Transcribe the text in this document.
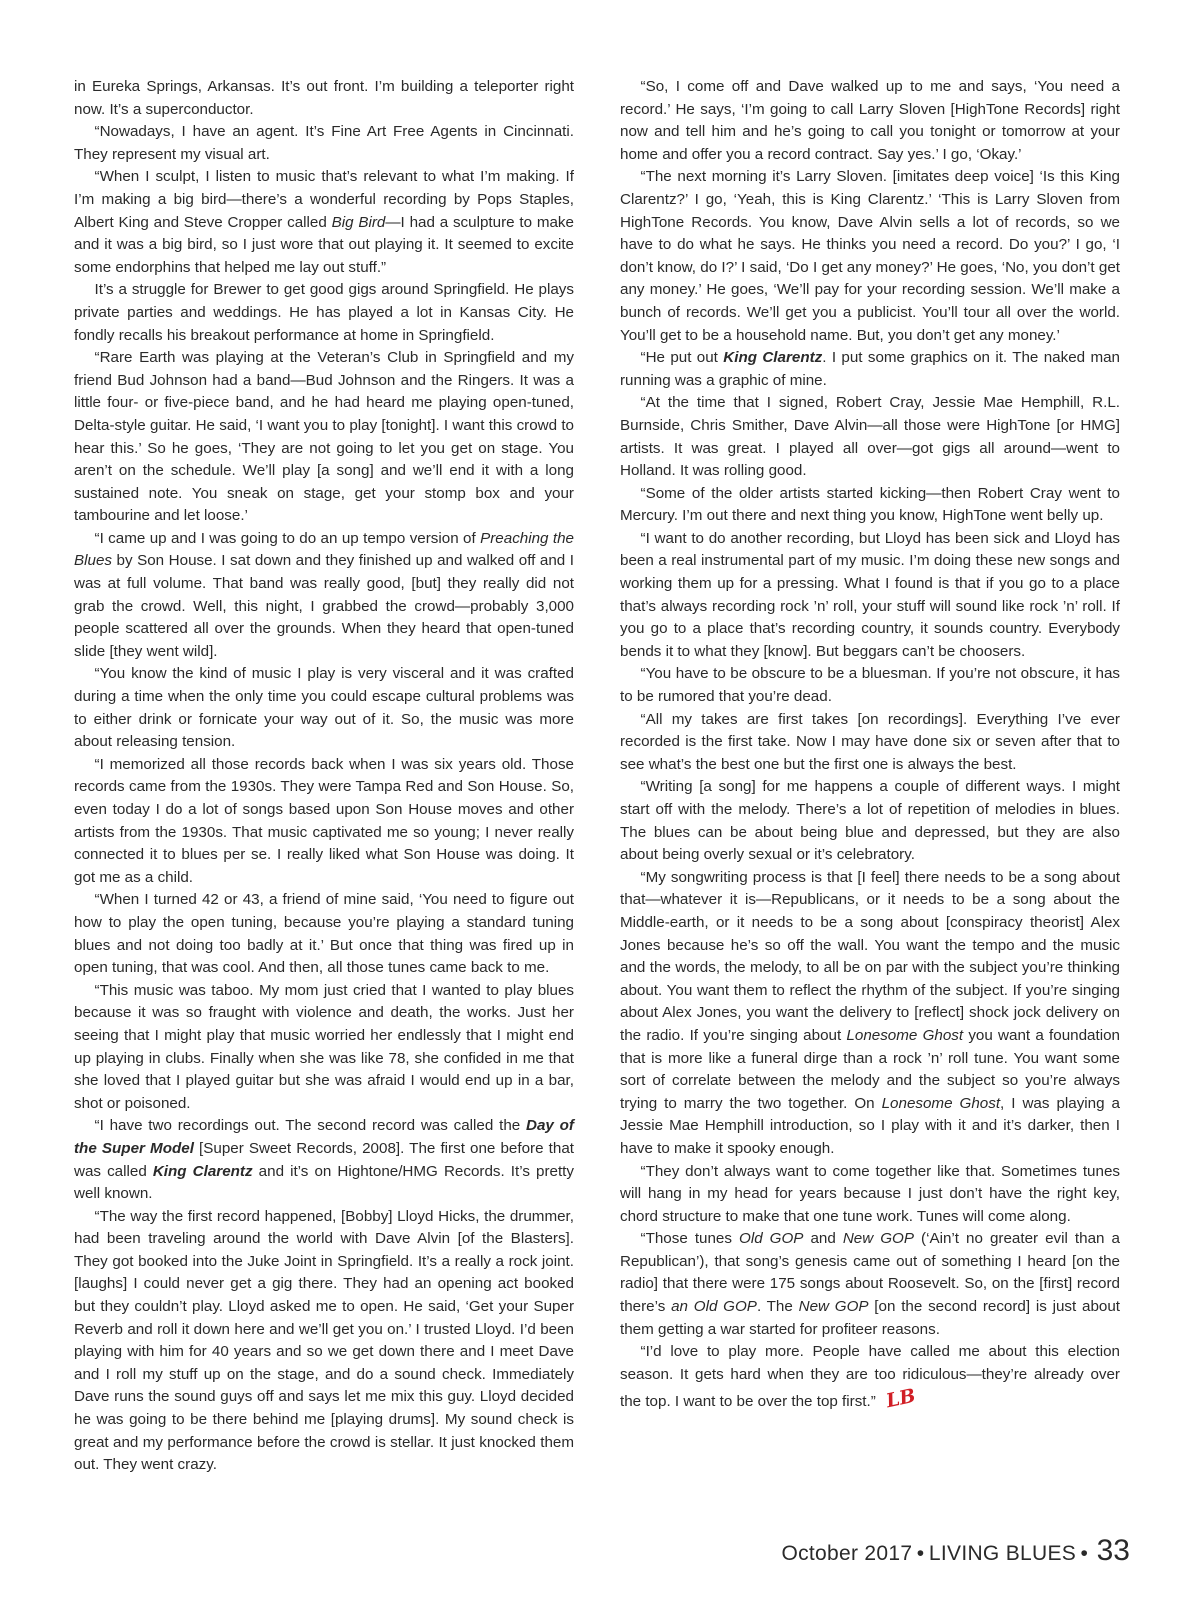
in Eureka Springs, Arkansas. It’s out front. I’m building a teleporter right now. It’s a superconductor.

“Nowadays, I have an agent. It’s Fine Art Free Agents in Cincinnati. They represent my visual art.

“When I sculpt, I listen to music that’s relevant to what I’m making. If I’m making a big bird—there’s a wonderful recording by Pops Staples, Albert King and Steve Cropper called Big Bird—I had a sculpture to make and it was a big bird, so I just wore that out playing it. It seemed to excite some endorphins that helped me lay out stuff.”

It’s a struggle for Brewer to get good gigs around Springfield. He plays private parties and weddings. He has played a lot in Kansas City. He fondly recalls his breakout performance at home in Springfield.

“Rare Earth was playing at the Veteran’s Club in Springfield and my friend Bud Johnson had a band—Bud Johnson and the Ringers. It was a little four- or five-piece band, and he had heard me playing open-tuned, Delta-style guitar. He said, ‘I want you to play [tonight]. I want this crowd to hear this.’ So he goes, ‘They are not going to let you get on stage. You aren’t on the schedule. We’ll play [a song] and we’ll end it with a long sustained note. You sneak on stage, get your stomp box and your tambourine and let loose.’

“I came up and I was going to do an up tempo version of Preaching the Blues by Son House. I sat down and they finished up and walked off and I was at full volume. That band was really good, [but] they really did not grab the crowd. Well, this night, I grabbed the crowd—probably 3,000 people scattered all over the grounds. When they heard that open-tuned slide [they went wild].

“You know the kind of music I play is very visceral and it was crafted during a time when the only time you could escape cultural problems was to either drink or fornicate your way out of it. So, the music was more about releasing tension.

“I memorized all those records back when I was six years old. Those records came from the 1930s. They were Tampa Red and Son House. So, even today I do a lot of songs based upon Son House moves and other artists from the 1930s. That music captivated me so young; I never really connected it to blues per se. I really liked what Son House was doing. It got me as a child.

“When I turned 42 or 43, a friend of mine said, ‘You need to figure out how to play the open tuning, because you’re playing a standard tuning blues and not doing too badly at it.’ But once that thing was fired up in open tuning, that was cool. And then, all those tunes came back to me.

“This music was taboo. My mom just cried that I wanted to play blues because it was so fraught with violence and death, the works. Just her seeing that I might play that music worried her endlessly that I might end up playing in clubs. Finally when she was like 78, she confided in me that she loved that I played guitar but she was afraid I would end up in a bar, shot or poisoned.

“I have two recordings out. The second record was called the Day of the Super Model [Super Sweet Records, 2008]. The first one before that was called King Clarentz and it’s on Hightone/HMG Records. It’s pretty well known.

“The way the first record happened, [Bobby] Lloyd Hicks, the drummer, had been traveling around the world with Dave Alvin [of the Blasters]. They got booked into the Juke Joint in Springfield. It’s a really a rock joint. [laughs] I could never get a gig there. They had an opening act booked but they couldn’t play. Lloyd asked me to open. He said, ‘Get your Super Reverb and roll it down here and we’ll get you on.’ I trusted Lloyd. I’d been playing with him for 40 years and so we get down there and I meet Dave and I roll my stuff up on the stage, and do a sound check. Immediately Dave runs the sound guys off and says let me mix this guy. Lloyd decided he was going to be there behind me [playing drums]. My sound check is great and my performance before the crowd is stellar. It just knocked them out. They went crazy.

“So, I come off and Dave walked up to me and says, ‘You need a record.’ He says, ‘I’m going to call Larry Sloven [HighTone Records] right now and tell him and he’s going to call you tonight or tomorrow at your home and offer you a record contract. Say yes.’ I go, ‘Okay.’

“The next morning it’s Larry Sloven. [imitates deep voice] ‘Is this King Clarentz?’ I go, ‘Yeah, this is King Clarentz.’ ‘This is Larry Sloven from HighTone Records. You know, Dave Alvin sells a lot of records, so we have to do what he says. He thinks you need a record. Do you?’ I go, ‘I don’t know, do I?’ I said, ‘Do I get any money?’ He goes, ‘No, you don’t get any money.’ He goes, ‘We’ll pay for your recording session. We’ll make a bunch of records. We’ll get you a publicist. You’ll tour all over the world. You’ll get to be a household name. But, you don’t get any money.’

“He put out King Clarentz. I put some graphics on it. The naked man running was a graphic of mine.

“At the time that I signed, Robert Cray, Jessie Mae Hemphill, R.L. Burnside, Chris Smither, Dave Alvin—all those were HighTone [or HMG] artists. It was great. I played all over—got gigs all around—went to Holland. It was rolling good.

“Some of the older artists started kicking—then Robert Cray went to Mercury. I’m out there and next thing you know, HighTone went belly up.

“I want to do another recording, but Lloyd has been sick and Lloyd has been a real instrumental part of my music. I’m doing these new songs and working them up for a pressing. What I found is that if you go to a place that’s always recording rock ’n’ roll, your stuff will sound like rock ’n’ roll. If you go to a place that’s recording country, it sounds country. Everybody bends it to what they [know]. But beggars can’t be choosers.

“You have to be obscure to be a bluesman. If you’re not obscure, it has to be rumored that you’re dead.

“All my takes are first takes [on recordings]. Everything I’ve ever recorded is the first take. Now I may have done six or seven after that to see what’s the best one but the first one is always the best.

“Writing [a song] for me happens a couple of different ways. I might start off with the melody. There’s a lot of repetition of melodies in blues. The blues can be about being blue and depressed, but they are also about being overly sexual or it’s celebratory.

“My songwriting process is that [I feel] there needs to be a song about that—whatever it is—Republicans, or it needs to be a song about the Middle-earth, or it needs to be a song about [conspiracy theorist] Alex Jones because he’s so off the wall. You want the tempo and the music and the words, the melody, to all be on par with the subject you’re thinking about. You want them to reflect the rhythm of the subject. If you’re singing about Alex Jones, you want the delivery to [reflect] shock jock delivery on the radio. If you’re singing about Lonesome Ghost you want a foundation that is more like a funeral dirge than a rock ’n’ roll tune. You want some sort of correlate between the melody and the subject so you’re always trying to marry the two together. On Lonesome Ghost, I was playing a Jessie Mae Hemphill introduction, so I play with it and it’s darker, then I have to make it spooky enough.

“They don’t always want to come together like that. Sometimes tunes will hang in my head for years because I just don’t have the right key, chord structure to make that one tune work. Tunes will come along.

“Those tunes Old GOP and New GOP (‘Ain’t no greater evil than a Republican’), that song’s genesis came out of something I heard [on the radio] that there were 175 songs about Roosevelt. So, on the [first] record there’s an Old GOP. The New GOP [on the second record] is just about them getting a war started for profiteer reasons.

“I’d love to play more. People have called me about this election season. It gets hard when they are too ridiculous—they’re already over the top. I want to be over the top first.” LB

October 2017 • LIVING BLUES • 33
